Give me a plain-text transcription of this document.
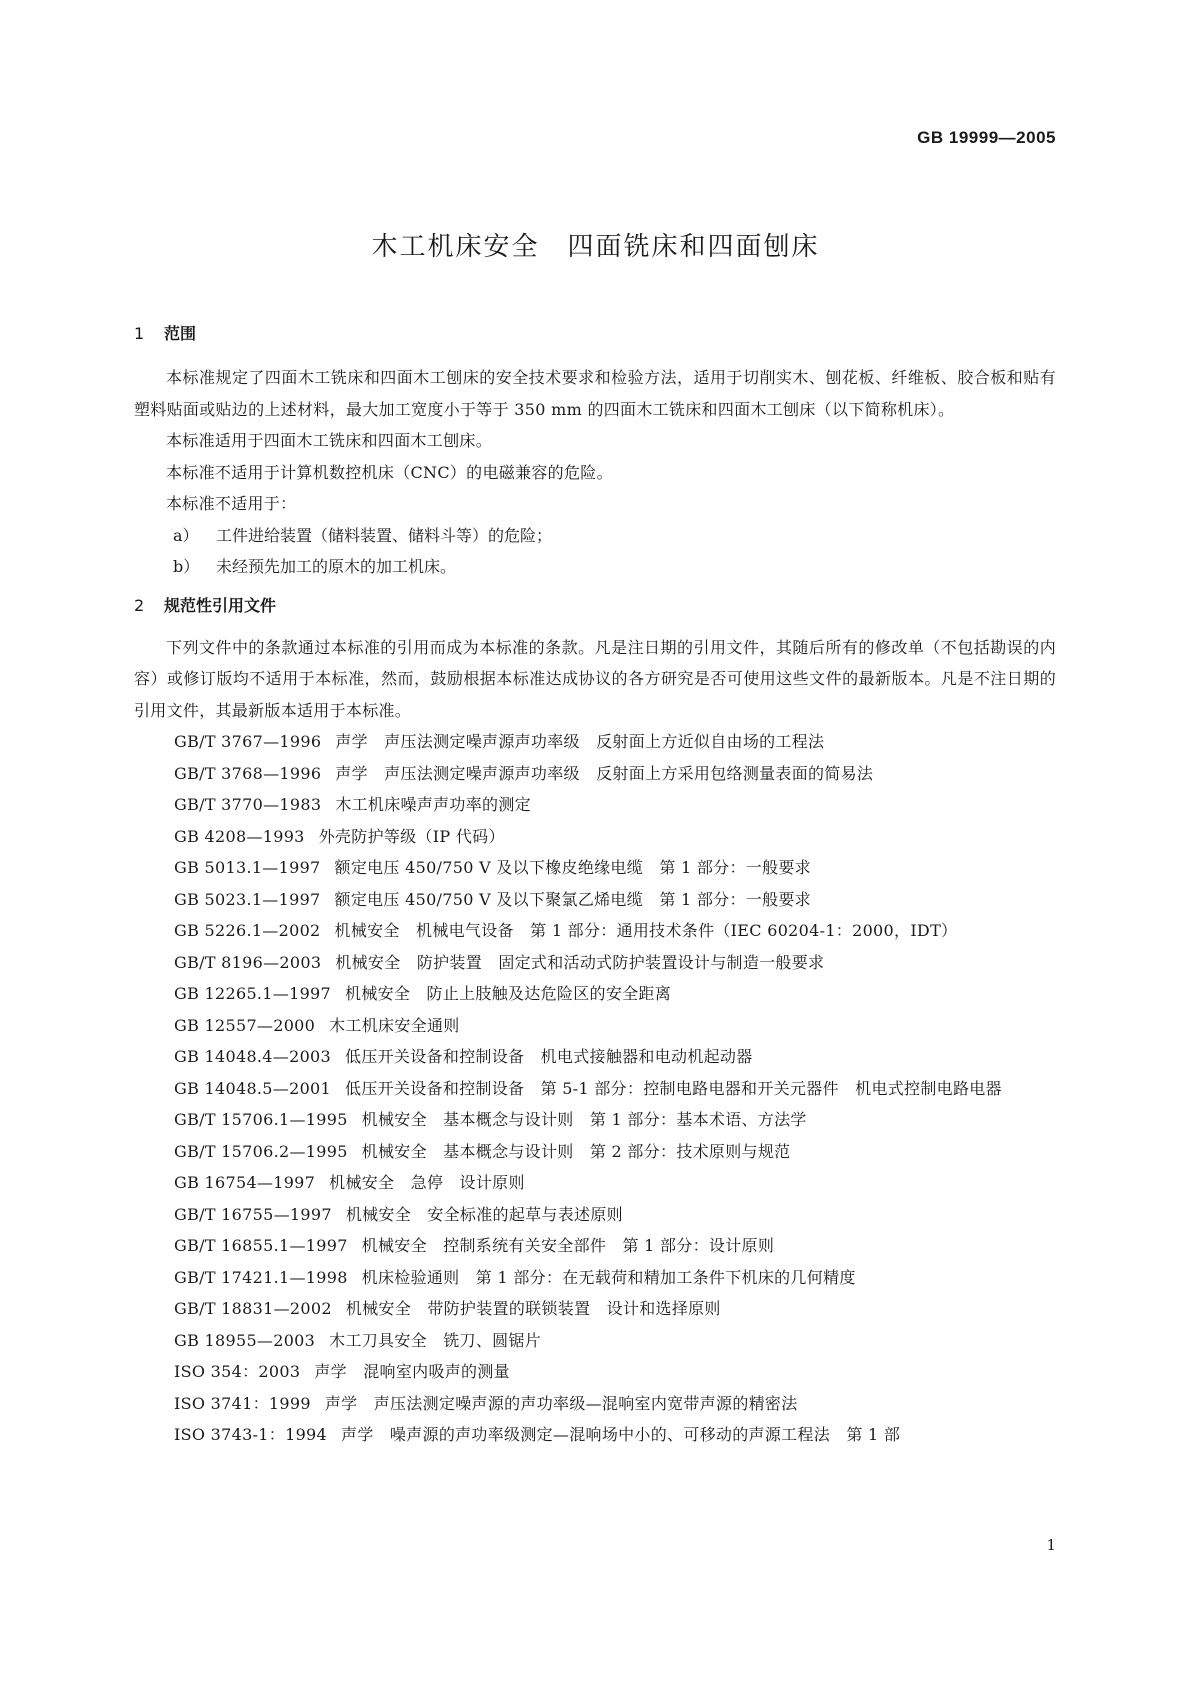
GB 19999—2005
木工机床安全　四面铣床和四面刨床
1 范围

本标准规定了四面木工铣床和四面木工刨床的安全技术要求和检验方法，适用于切削实木、刨花板、纤维板、胶合板和贴有塑料贴面或贴边的上述材料，最大加工宽度小于等于 350 mm 的四面木工铣床和四面木工刨床（以下简称机床）。

本标准适用于四面木工铣床和四面木工刨床。

本标准不适用于计算机数控机床（CNC）的电磁兼容的危险。

本标准不适用于：

a） 工件进给装置（储料装置、储料斗等）的危险；

b） 未经预先加工的原木的加工机床。

2 规范性引用文件

下列文件中的条款通过本标准的引用而成为本标准的条款。凡是注日期的引用文件，其随后所有的修改单（不包括勘误的内容）或修订版均不适用于本标准，然而，鼓励根据本标准达成协议的各方研究是否可使用这些文件的最新版本。凡是不注日期的引用文件，其最新版本适用于本标准。

GB/T 3767—1996 声学　声压法测定噪声源声功率级　反射面上方近似自由场的工程法

GB/T 3768—1996 声学　声压法测定噪声源声功率级　反射面上方采用包络测量表面的简易法

GB/T 3770—1983 木工机床噪声声功率的测定

GB 4208—1993 外壳防护等级（IP 代码）

GB 5013.1—1997 额定电压 450/750 V 及以下橡皮绝缘电缆　第 1 部分：一般要求

GB 5023.1—1997 额定电压 450/750 V 及以下聚氯乙烯电缆　第 1 部分：一般要求

GB 5226.1—2002 机械安全　机械电气设备　第 1 部分：通用技术条件（IEC 60204-1：2000，IDT）

GB/T 8196—2003 机械安全　防护装置　固定式和活动式防护装置设计与制造一般要求

GB 12265.1—1997 机械安全　防止上肢触及达危险区的安全距离

GB 12557—2000 木工机床安全通则

GB 14048.4—2003 低压开关设备和控制设备　机电式接触器和电动机起动器

GB 14048.5—2001 低压开关设备和控制设备　第 5-1 部分：控制电路电器和开关元器件　机电式控制电路电器

GB/T 15706.1—1995 机械安全　基本概念与设计则　第 1 部分：基本术语、方法学

GB/T 15706.2—1995 机械安全　基本概念与设计则　第 2 部分：技术原则与规范

GB 16754—1997 机械安全　急停　设计原则

GB/T 16755—1997 机械安全　安全标准的起草与表述原则

GB/T 16855.1—1997 机械安全　控制系统有关安全部件　第 1 部分：设计原则

GB/T 17421.1—1998 机床检验通则　第 1 部分：在无载荷和精加工条件下机床的几何精度

GB/T 18831—2002 机械安全　带防护装置的联锁装置　设计和选择原则

GB 18955—2003 木工刀具安全　铣刀、圆锯片

ISO 354：2003 声学　混响室内吸声的测量

ISO 3741：1999 声学　声压法测定噪声源的声功率级—混响室内宽带声源的精密法

ISO 3743-1：1994 声学　噪声源的声功率级测定—混响场中小的、可移动的声源工程法　第 1 部

1
